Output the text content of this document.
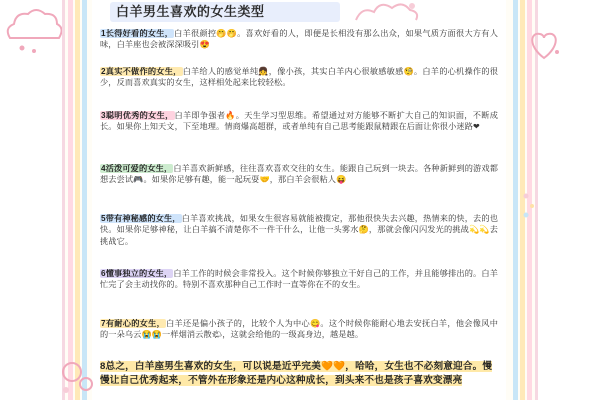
白羊男生喜欢的女生类型
1长得好看的女生，白羊很颜控🤭🤭。喜欢好看的人，即便是长相没有那么出众，如果气质方面很大方有人味，白羊座也会被深深吸引😍
2真实不做作的女生，白羊给人的感觉单纯👧，像小孩，其实白羊内心很敏感敏感🧐。白羊的心机操作的很少，反而喜欢真实的女生，这样相处起来比较轻松。
3聪明优秀的女生，白羊即争强者🔥。天生学习型思维。希望通过对方能够不断扩大自己的知识面，不断成长。如果你上知天文，下至地理。情商爆高超群，或者单纯有自己思考能跟鼠精跟在后面让你很小迷路❤
4活泼可爱的女生，白羊喜欢新鲜感，往往喜欢喜欢交往的女生。能跟自己玩到一块去。各种新鲜到的游戏都想去尝试🎮。如果你足够有趣，能一起玩耍🤝，那白羊会很粘人😝
5带有神秘感的女生，白羊喜欢挑战，如果女生很容易就能被揽定，那他很快失去兴趣，热情来的快，去的也快。如果你足够神秘，让白羊搞不清楚你不一件干什么，让他一头雾水🤔，那就会像闪闪发光的挑战💫💫去挑战它。
6懂事独立的女生，白羊工作的时候会非常投入。这个时候你够独立干好自己的工作，并且能够排出的。白羊忙完了会主动找你的。特别不喜欢那种自己工作时一直等你在不的女生。
7有耐心的女生，白羊还是偏小孩子的，比较个人为中心😋。这个时候你能耐心地去安抚白羊，他会像风中的一朵乌云😭😭一样烟消云散🌤，这就会给他的一级高身边，越是越。
8总之，白羊座男生喜欢的女生，可以说是近乎完美🧡🧡，哈哈，女生也不必刻意迎合。慢慢让自己优秀起来，不管外在形象还是内心这种成长，到头来不也是孩子喜欢变漂亮
